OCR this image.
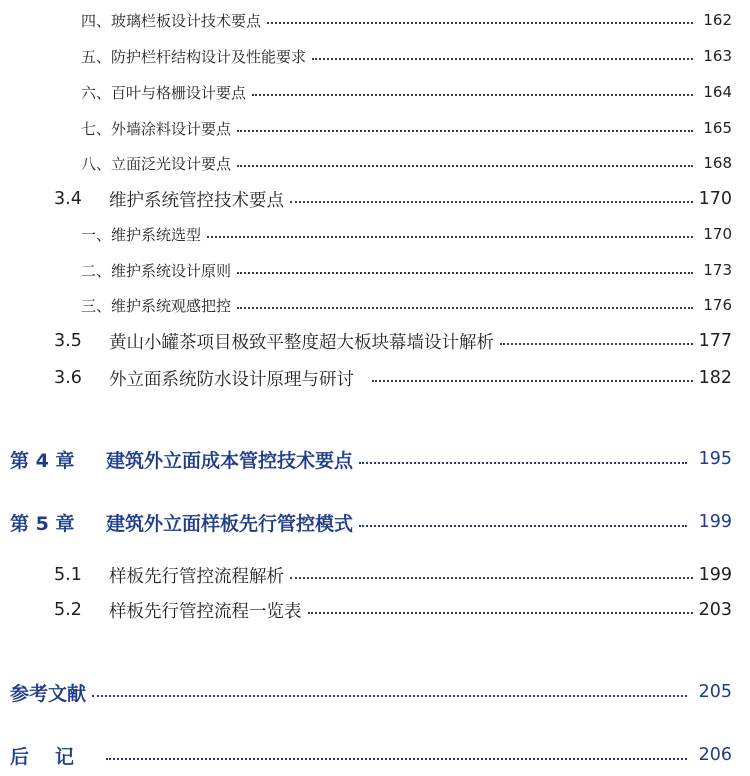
四、玻璃栏板设计技术要点	162
五、防护栏杆结构设计及性能要求	163
六、百叶与格栅设计要点	164
七、外墙涂料设计要点	165
八、立面泛光设计要点	168
3.4	维护系统管控技术要点	170
一、维护系统选型	170
二、维护系统设计原则	173
三、维护系统观感把控	176
3.5	黄山小罐茶项目极致平整度超大板块幕墙设计解析	177
3.6	外立面系统防水设计原理与研讨	182
第 4 章	建筑外立面成本管控技术要点	195
第 5 章	建筑外立面样板先行管控模式	199
5.1	样板先行管控流程解析	199
5.2	样板先行管控流程一览表	203
参考文献	205
后记	206
